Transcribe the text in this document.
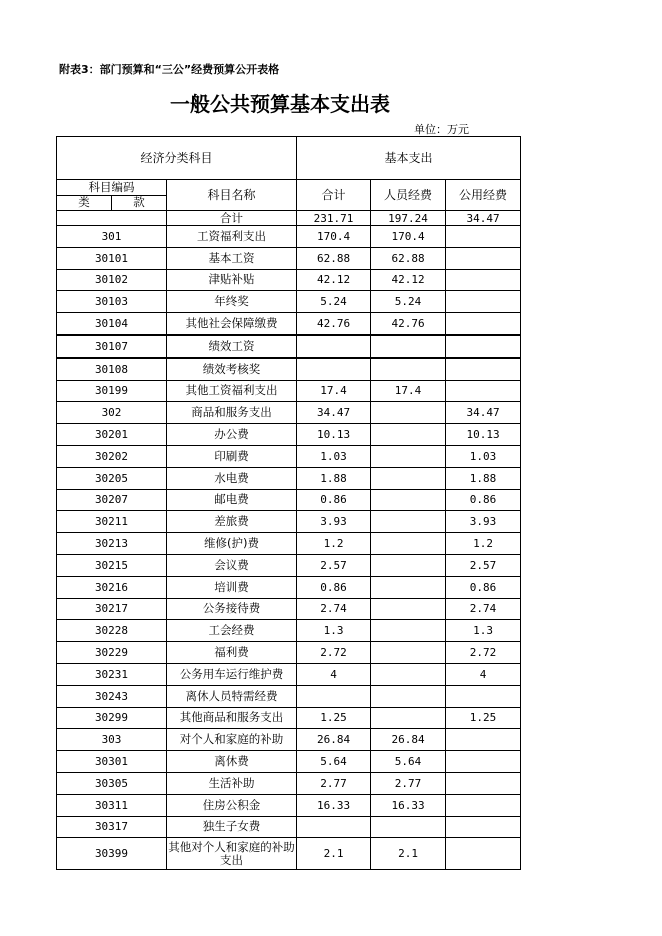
附表3：部门预算和“三公”经费预算公开表格
一般公共预算基本支出表
单位：万元
经济分类科目		基本支出		

科目编码
类 款	科目名称	合计	人员经费	公用经费
	合计	231.71	197.24	34.47
301	工资福利支出	170.4	170.4	
30101	基本工资	62.88	62.88	
30102	津贴补贴	42.12	42.12	
30103	年终奖	5.24	5.24	
30104	其他社会保障缴费	42.76	42.76	
30107	绩效工资			
30108	绩效考核奖			
30199	其他工资福利支出	17.4	17.4	
302	商品和服务支出	34.47		34.47
30201	办公费	10.13		10.13
30202	印刷费	1.03		1.03
30205	水电费	1.88		1.88
30207	邮电费	0.86		0.86
30211	差旅费	3.93		3.93
30213	维修(护)费	1.2		1.2
30215	会议费	2.57		2.57
30216	培训费	0.86		0.86
30217	公务接待费	2.74		2.74
30228	工会经费	1.3		1.3
30229	福利费	2.72		2.72
30231	公务用车运行维护费	4		4
30243	离休人员特需经费			
30299	其他商品和服务支出	1.25		1.25
303	对个人和家庭的补助	26.84	26.84	
30301	离休费	5.64	5.64	
30305	生活补助	2.77	2.77	
30311	住房公积金	16.33	16.33	
30317	独生子女费			
30399	其他对个人和家庭的补助支出	2.1	2.1	
